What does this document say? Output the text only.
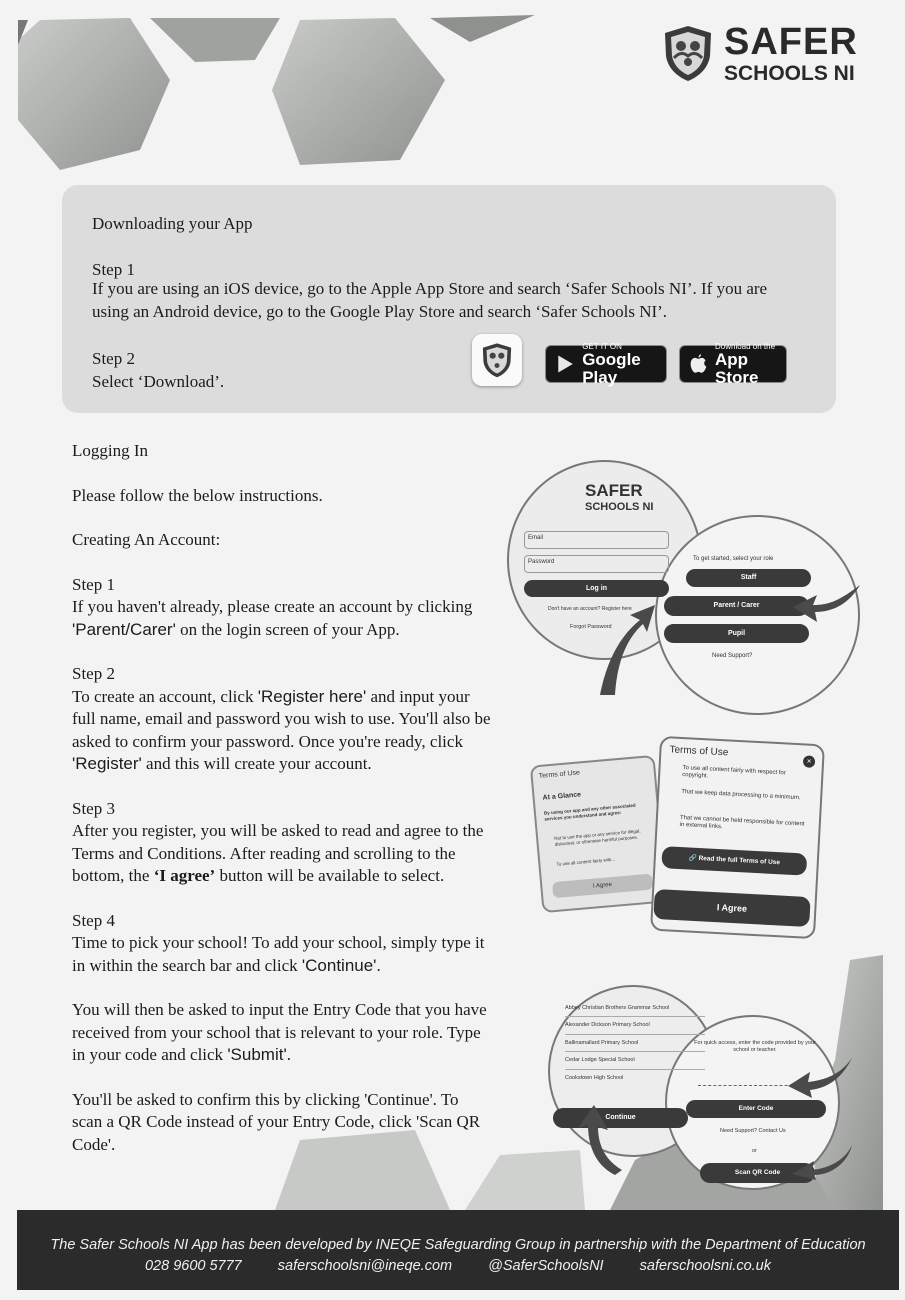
SAFER
SCHOOLS NI

Downloading your App

Step 1

If you are using an iOS device, go to the Apple App Store and search ‘Safer Schools NI’. If you are using an Android device, go to the Google Play Store and search ‘Safer Schools NI’.

Step 2

Select ‘Download’.

GET IT ON
Google Play
Download on the
App Store

Logging In

Please follow the below instructions.

Creating An Account:

Step 1

If you haven't already, please create an account by clicking 'Parent/Carer' on the login screen of your App.

Step 2

To create an account, click 'Register here' and input your full name, email and password you wish to use. You'll also be asked to confirm your password. Once you're ready, click 'Register' and this will create your account.

Step 3

After you register, you will be asked to read and agree to the Terms and Conditions. After reading and scrolling to the bottom, the ‘I agree’ button will be available to select.

Step 4

Time to pick your school! To add your school, simply type it in within the search bar and click 'Continue'.

You will then be asked to input the Entry Code that you have received from your school that is relevant to your role. Type in your code and click 'Submit'.

You'll be asked to confirm this by clicking 'Continue'. To scan a QR Code instead of your Entry Code, click 'Scan QR Code'.

SAFER
SCHOOLS NI
Email
Password
Log in
Don't have an account? Register here
Forgot Password
To get started, select your role
Staff
Parent / Carer
Pupil
Need Support?
Terms of Use
At a Glance
By using our app and any other associated services you understand and agree:
Not to use the app or any service for illegal, dishonest, or otherwise harmful purposes.
To use all content fairly with...
I Agree
Terms of Use
×
To use all content fairly with respect for copyright.
That we keep data processing to a minimum.
That we cannot be held responsible for content in external links.
🔗 Read the full Terms of Use
I Agree
Abbey Christian Brothers Grammar School
Alexander Dickson Primary School
Ballinamallard Primary School
Cedar Lodge Special School
Cookstown High School
Continue
For quick access, enter the code provided by your school or teacher.
Enter Code
Need Support? Contact Us
or
Scan QR Code
The Safer Schools NI App has been developed by INEQE Safeguarding Group in partnership with the Department of Education
028 9600 5777 saferschoolsni@ineqe.com @SaferSchoolsNI saferschoolsni.co.uk
